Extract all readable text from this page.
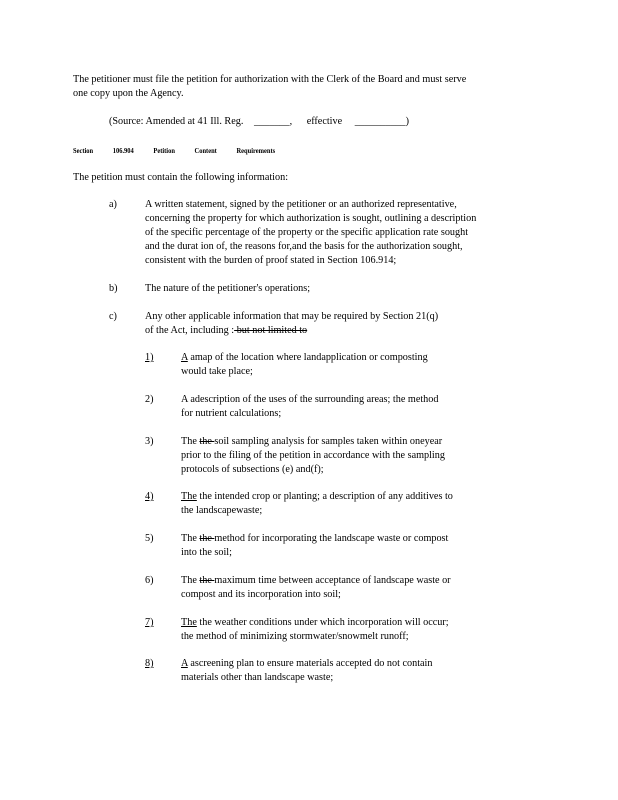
The petitioner must file the petition for authorization with the Clerk of the Board and must serve
one copy upon the Agency.
(Source: Amended at 41 Ill. Reg. _______, effective __________)
Section	106.904	Petition	Content	Requirements
The petition must contain the following information:
a)	A written statement, signed by the petitioner or an authorized representative,
concerning the property for which authorization is sought, outlining a description
of the specific percentage of the property or the specific application rate sought
and the durat ion of, the reasons for,and the basis for the authorization sought,
consistent with the burden of proof stated in Section 106.914;
b)	The nature of the petitioner's operations;
c)	Any other applicable information that may be required by Section 21(q)
of the Act, including : but not limited to
1)	A amap of the location where landapplication or composting
would take place;
2)	A adescription of the uses of the surrounding areas; the method
for nutrient calculations;
3)	The the soil sampling analysis for samples taken within oneyear
prior to the filing of the petition in accordance with the sampling
protocols of subsections (e) and(f);
4)	The the intended crop or planting; a description of any additives to
the landscapewaste;
5)	The the method for incorporating the landscape waste or compost
into the soil;
6)	The the maximum time between acceptance of landscape waste or
compost and its incorporation into soil;
7)	The the weather conditions under which incorporation will occur;
the method of minimizing stormwater/snowmelt runoff;
8)	A ascreening plan to ensure materials accepted do not contain
materials other than landscape waste;
